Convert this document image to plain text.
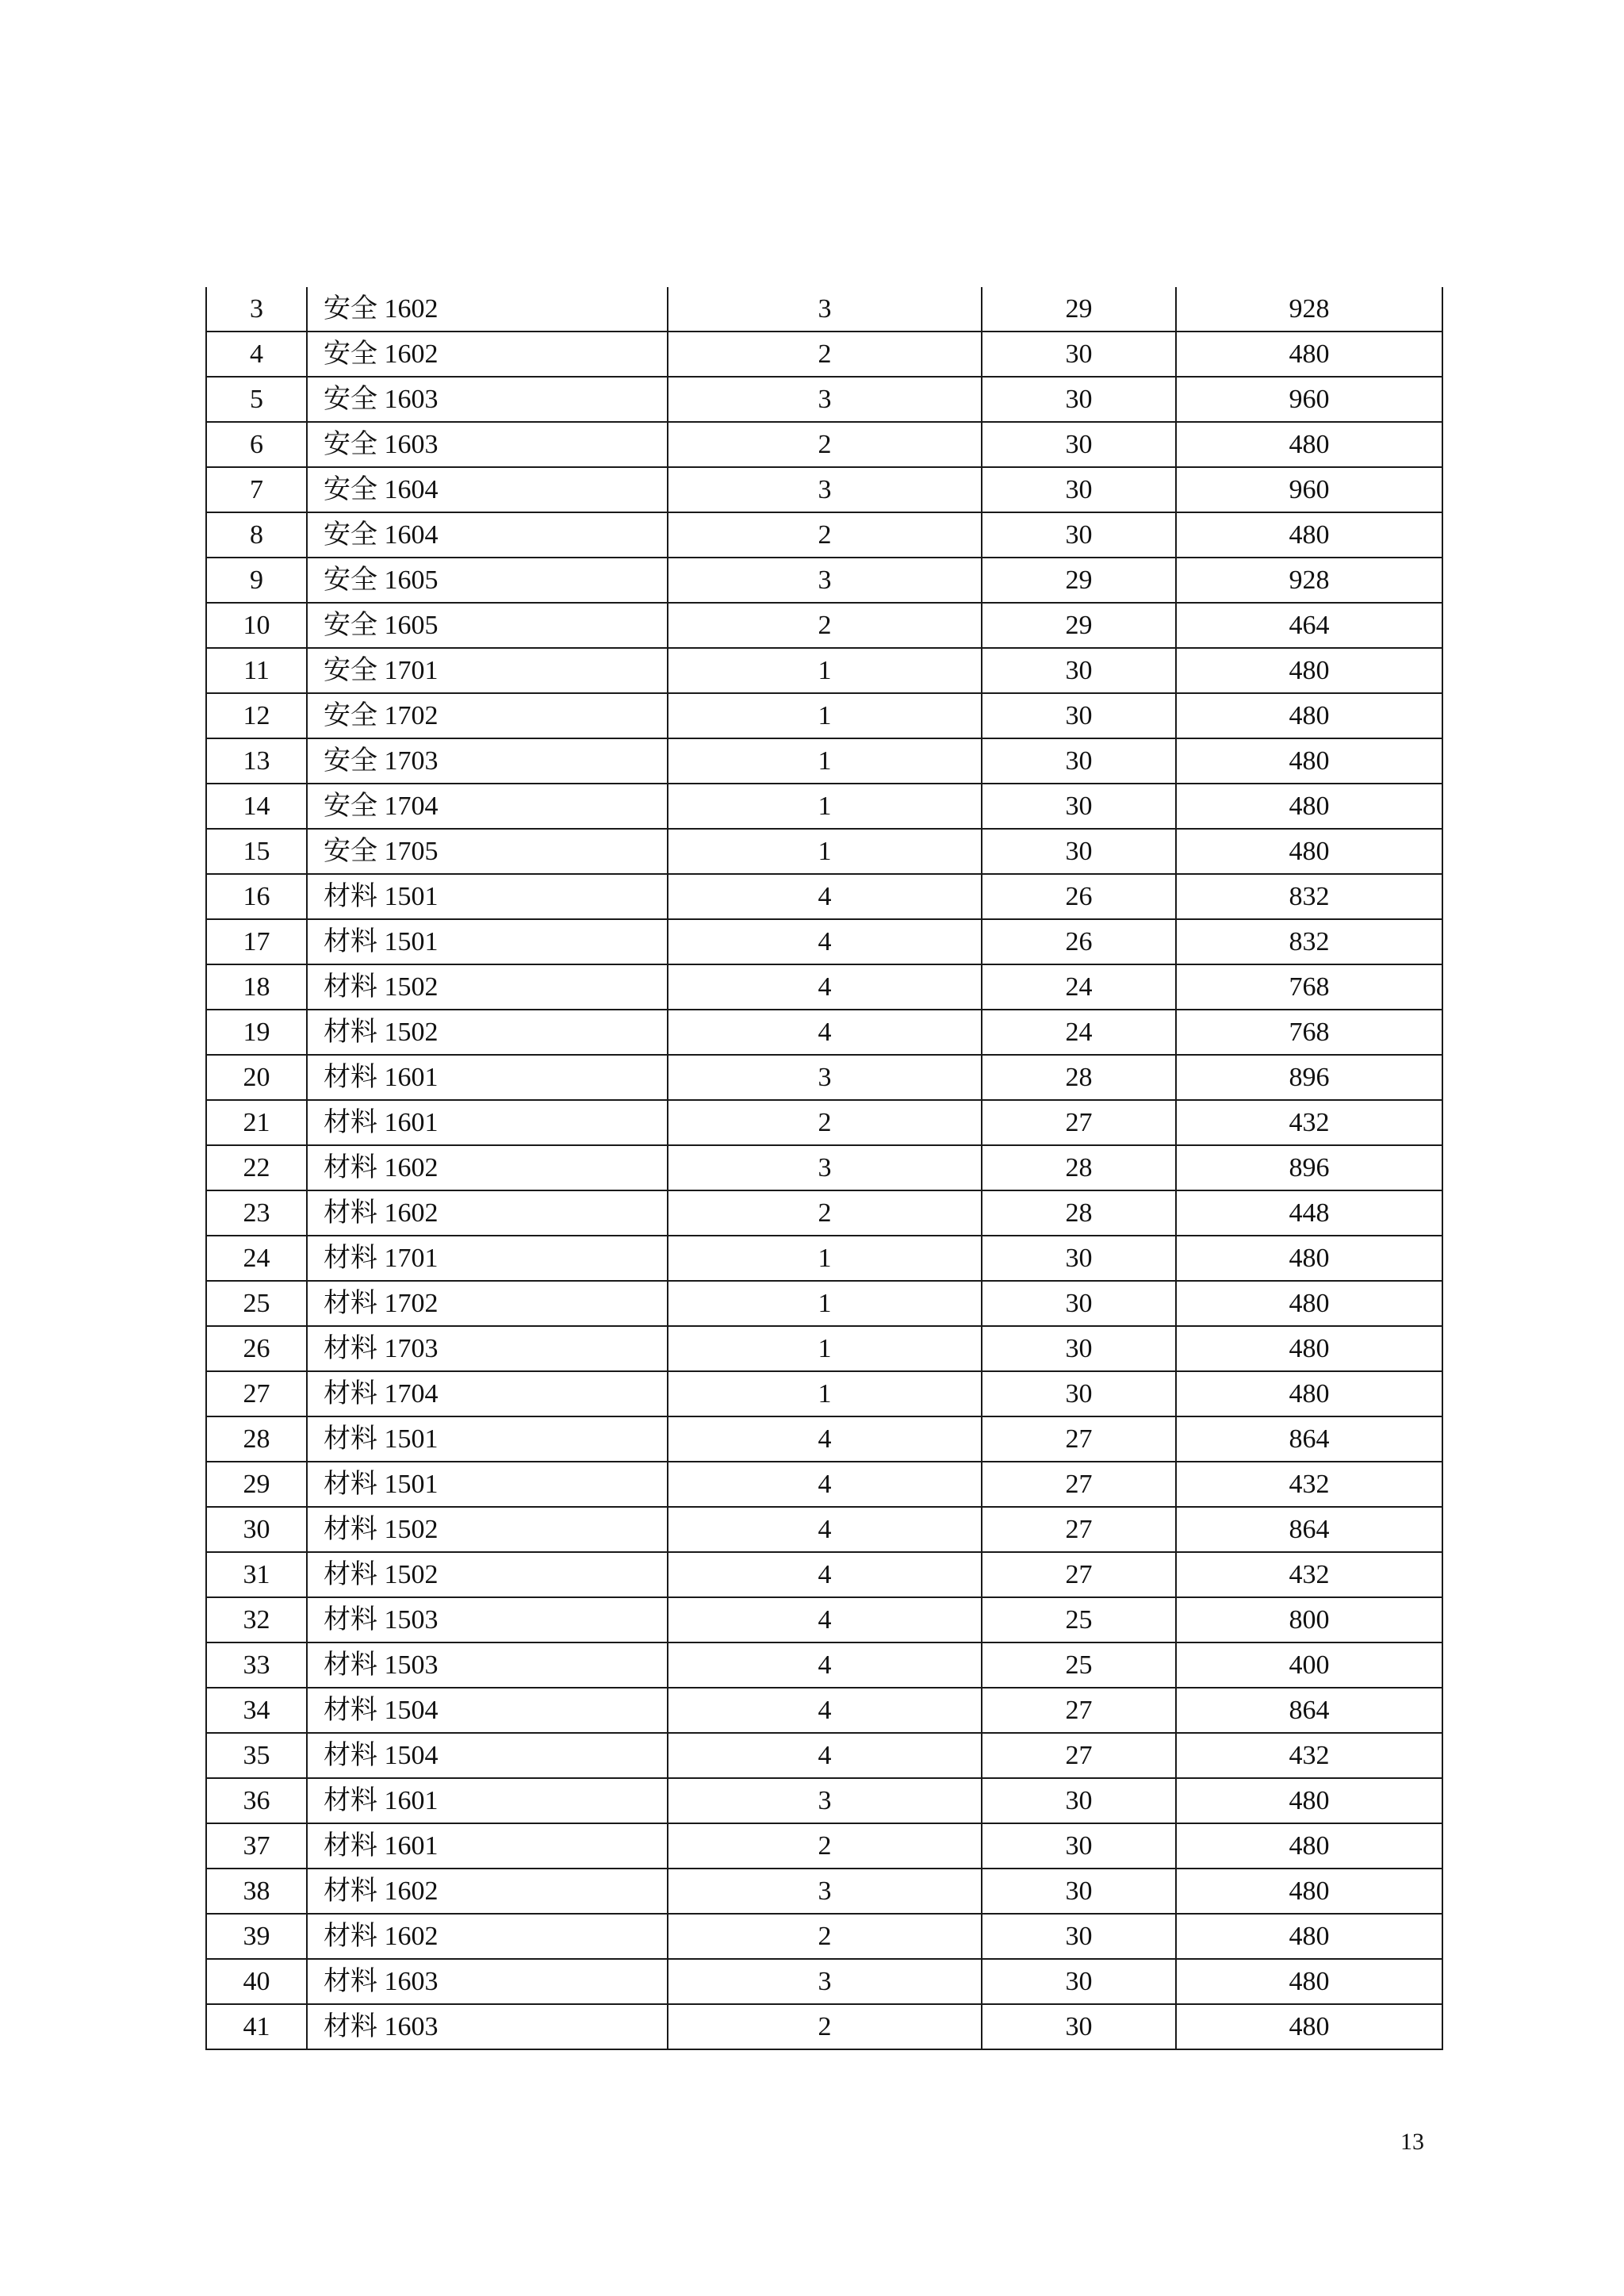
3	安全 1602	3	29	928
4	安全 1602	2	30	480
5	安全 1603	3	30	960
6	安全 1603	2	30	480
7	安全 1604	3	30	960
8	安全 1604	2	30	480
9	安全 1605	3	29	928
10	安全 1605	2	29	464
11	安全 1701	1	30	480
12	安全 1702	1	30	480
13	安全 1703	1	30	480
14	安全 1704	1	30	480
15	安全 1705	1	30	480
16	材料 1501	4	26	832
17	材料 1501	4	26	832
18	材料 1502	4	24	768
19	材料 1502	4	24	768
20	材料 1601	3	28	896
21	材料 1601	2	27	432
22	材料 1602	3	28	896
23	材料 1602	2	28	448
24	材料 1701	1	30	480
25	材料 1702	1	30	480
26	材料 1703	1	30	480
27	材料 1704	1	30	480
28	材料 1501	4	27	864
29	材料 1501	4	27	432
30	材料 1502	4	27	864
31	材料 1502	4	27	432
32	材料 1503	4	25	800
33	材料 1503	4	25	400
34	材料 1504	4	27	864
35	材料 1504	4	27	432
36	材料 1601	3	30	480
37	材料 1601	2	30	480
38	材料 1602	3	30	480
39	材料 1602	2	30	480
40	材料 1603	3	30	480
41	材料 1603	2	30	480
13
